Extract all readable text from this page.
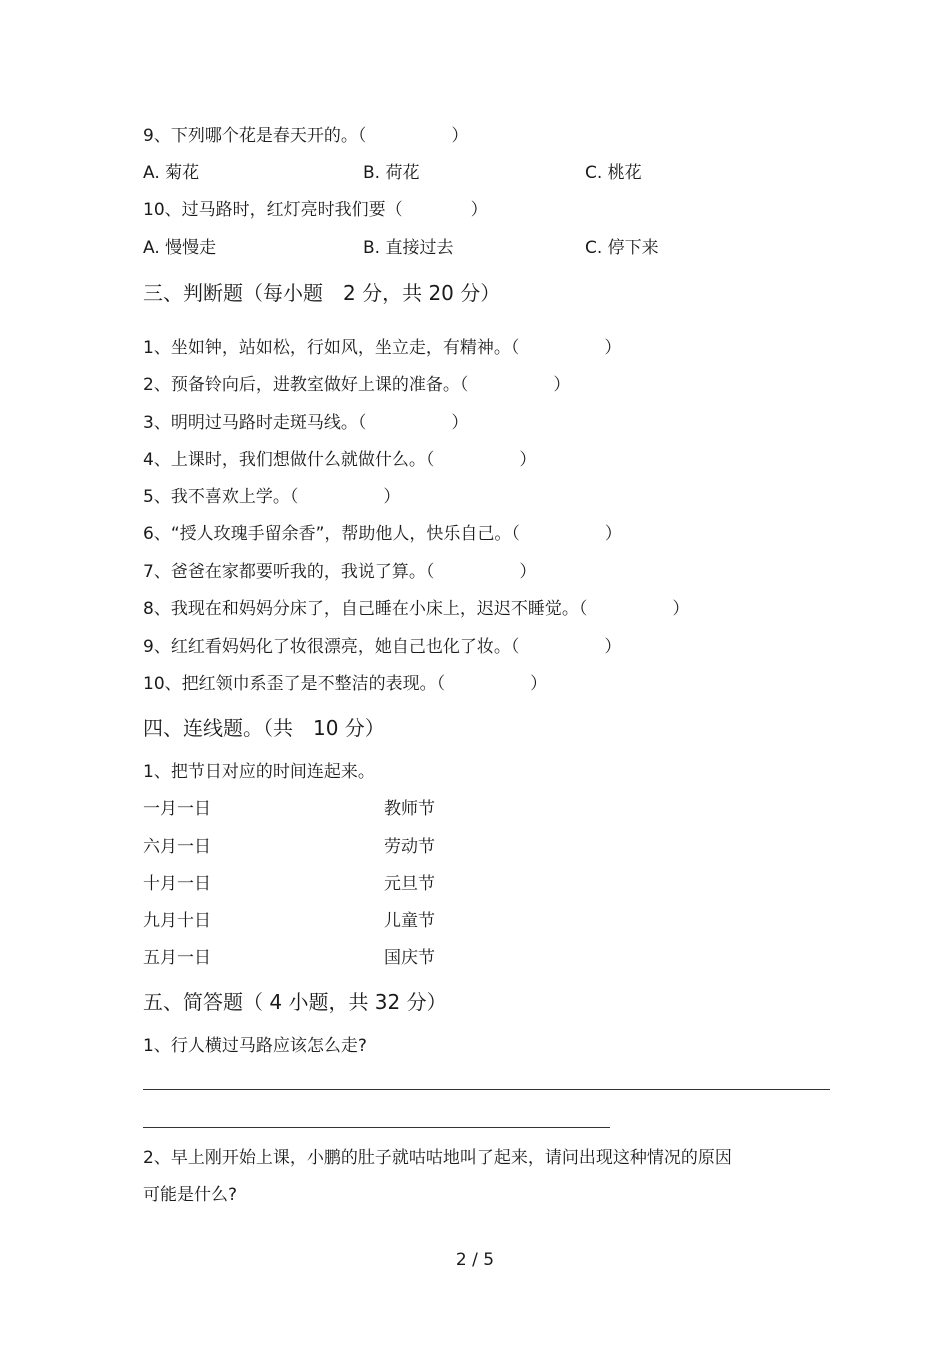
9、下列哪个花是春天开的。（　　　　　）
A. 菊花	B. 荷花	C. 桃花
10、过马路时，红灯亮时我们要（　　　　）
A. 慢慢走	B. 直接过去	C. 停下来
三、判断题（每小题　2 分，共 20 分）
1、坐如钟，站如松，行如风，坐立走，有精神。（　　　　　）
2、预备铃向后，进教室做好上课的准备。（　　　　　）
3、明明过马路时走斑马线。（　　　　　）
4、上课时，我们想做什么就做什么。（　　　　　）
5、我不喜欢上学。（　　　　　）
6、“授人玫瑰手留余香”，帮助他人，快乐自己。（　　　　　）
7、爸爸在家都要听我的，我说了算。（　　　　　）
8、我现在和妈妈分床了，自己睡在小床上，迟迟不睡觉。（　　　　　）
9、红红看妈妈化了妆很漂亮，她自己也化了妆。（　　　　　）
10、把红领巾系歪了是不整洁的表现。（　　　　　）
四、连线题。（共　10 分）
1、把节日对应的时间连起来。
一月一日	教师节
六月一日	劳动节
十月一日	元旦节
九月十日	儿童节
五月一日	国庆节
五、简答题（ 4 小题，共 32 分）
1、行人横过马路应该怎么走?
2、早上刚开始上课，小鹏的肚子就咕咕地叫了起来，请问出现这种情况的原因
可能是什么?
2 / 5
